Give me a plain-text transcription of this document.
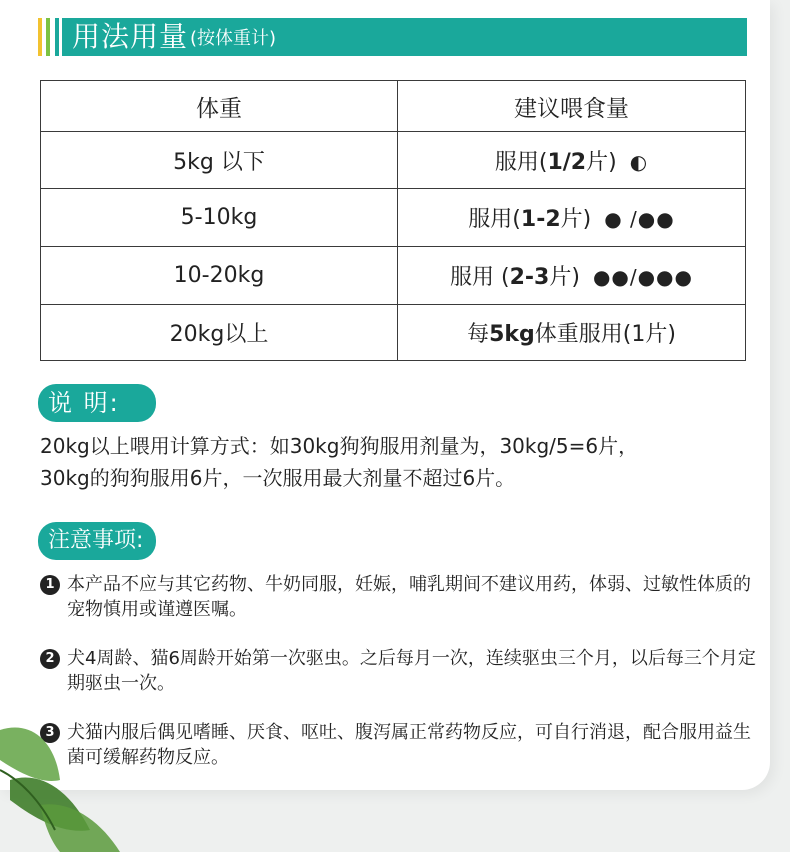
用法用量 (按体重计)
体重	建议喂食量
5kg 以下	服用(1/2片) ◐
5-10kg	服用(1-2片) ● /●●
10-20kg	服用 (2-3片) ●●/●●●
20kg以上	每5kg体重服用(1片)
说 明:
20kg以上喂用计算方式：如30kg狗狗服用剂量为，30kg/5=6片，
30kg的狗狗服用6片，一次服用最大剂量不超过6片。
注意事项:
1 本产品不应与其它药物、牛奶同服，妊娠，哺乳期间不建议用药，体弱、过敏性体质的宠物慎用或谨遵医嘱。
2 犬4周龄、猫6周龄开始第一次驱虫。之后每月一次，连续驱虫三个月，以后每三个月定期驱虫一次。
3 犬猫内服后偶见嗜睡、厌食、呕吐、腹泻属正常药物反应，可自行消退，配合服用益生菌可缓解药物反应。
